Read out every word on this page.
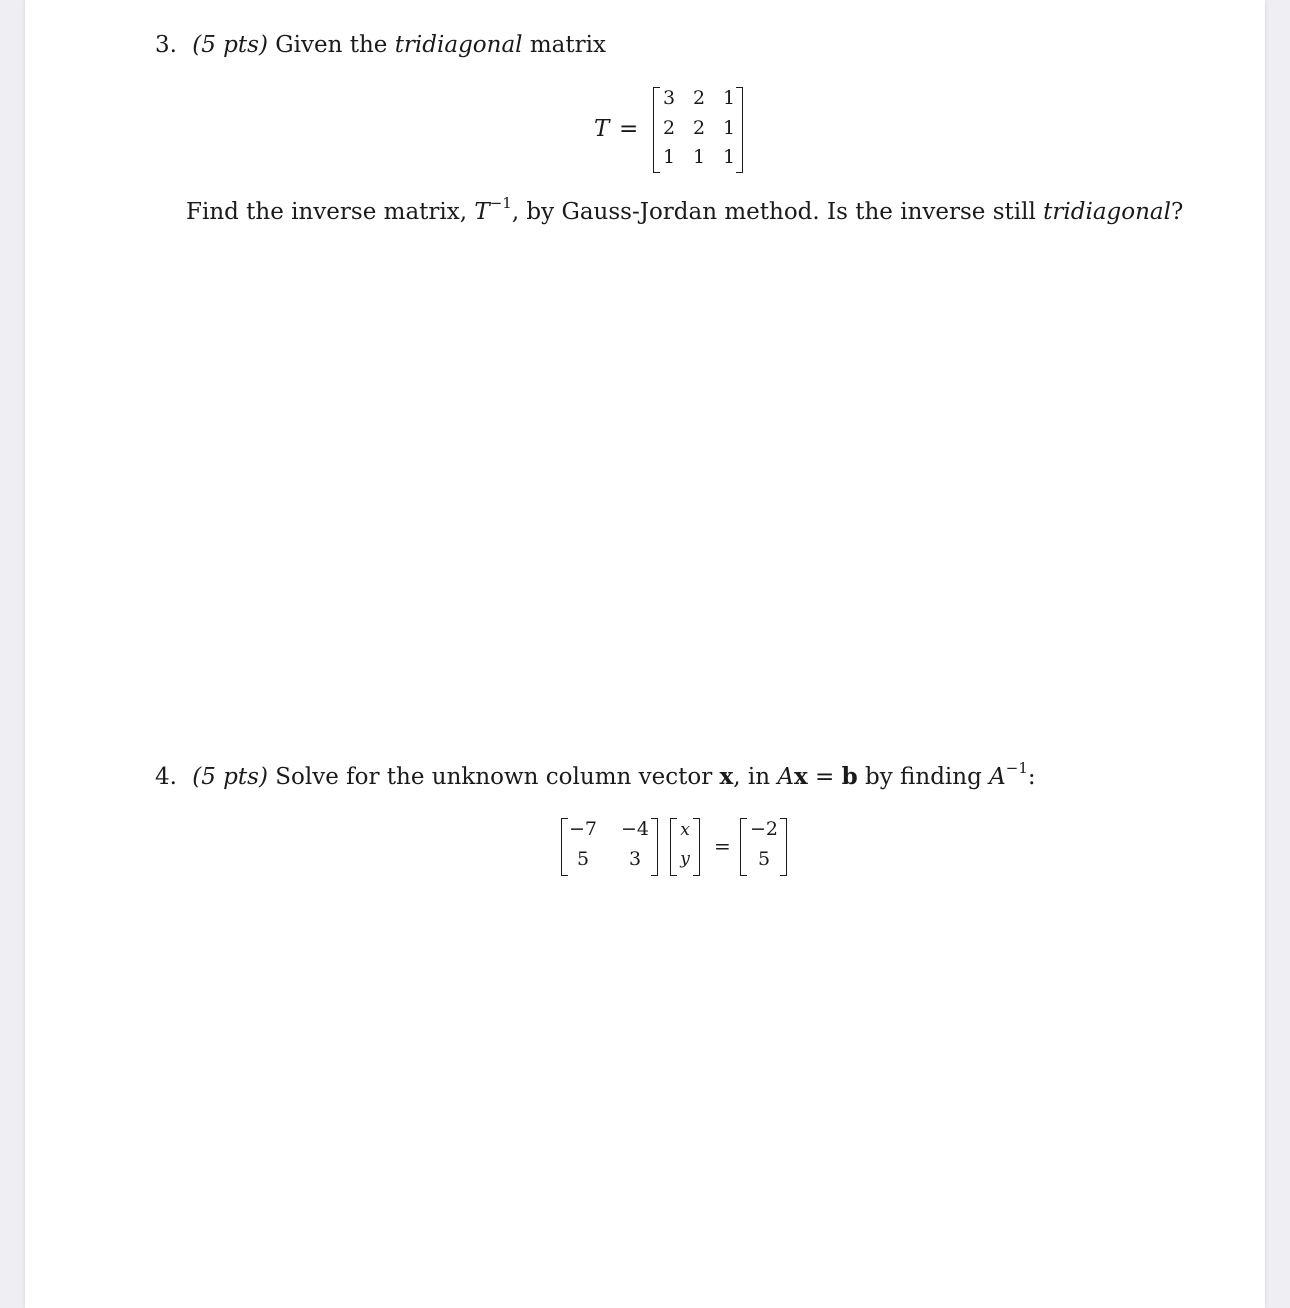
3. (5 pts) Given the tridiagonal matrix
T =
3 2 1
2 2 1
1 1 1
Find the inverse matrix, $T^{-1}$, by Gauss-Jordan method. Is the inverse still tridiagonal?
4. (5 pts) Solve for the unknown column vector x, in Ax = b by finding $A^{-1}$:
−7 −4
5	3
x
y
=
−2
5
